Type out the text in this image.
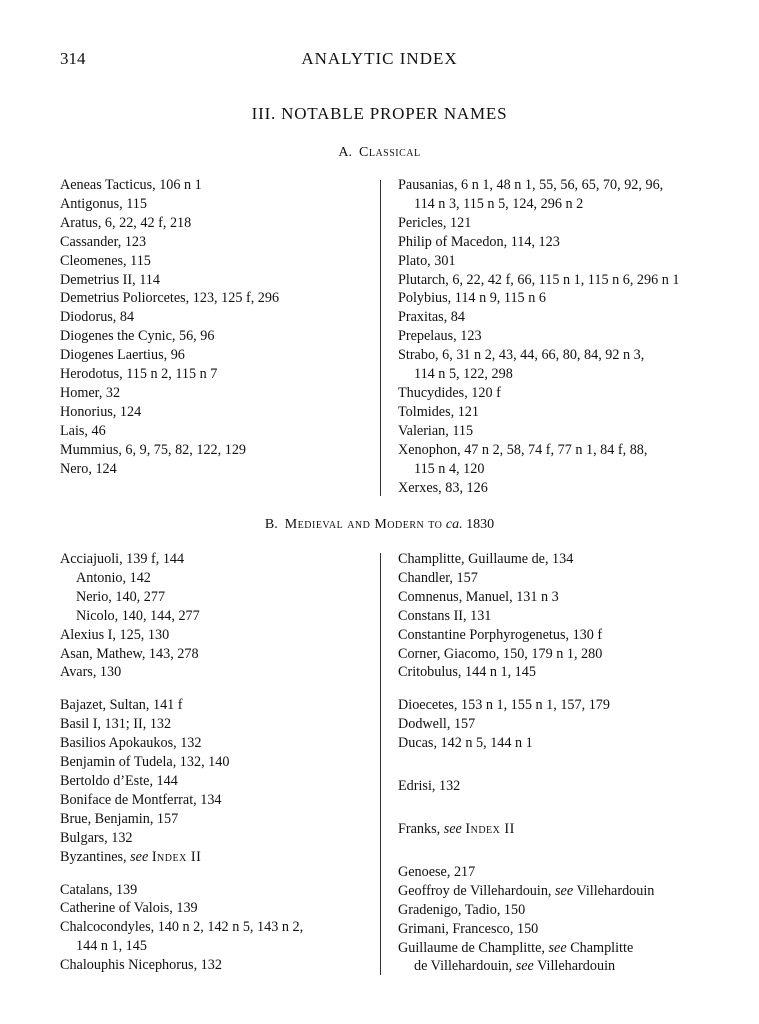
314	ANALYTIC INDEX
III. NOTABLE PROPER NAMES
A. Classical
Aeneas Tacticus, 106 n 1
Antigonus, 115
Aratus, 6, 22, 42 f, 218
Cassander, 123
Cleomenes, 115
Demetrius II, 114
Demetrius Poliorcetes, 123, 125 f, 296
Diodorus, 84
Diogenes the Cynic, 56, 96
Diogenes Laertius, 96
Herodotus, 115 n 2, 115 n 7
Homer, 32
Honorius, 124
Lais, 46
Mummius, 6, 9, 75, 82, 122, 129
Nero, 124
Pausanias, 6 n 1, 48 n 1, 55, 56, 65, 70, 92, 96,
114 n 3, 115 n 5, 124, 296 n 2
Pericles, 121
Philip of Macedon, 114, 123
Plato, 301
Plutarch, 6, 22, 42 f, 66, 115 n 1, 115 n 6, 296 n 1
Polybius, 114 n 9, 115 n 6
Praxitas, 84
Prepelaus, 123
Strabo, 6, 31 n 2, 43, 44, 66, 80, 84, 92 n 3,
114 n 5, 122, 298
Thucydides, 120 f
Tolmides, 121
Valerian, 115
Xenophon, 47 n 2, 58, 74 f, 77 n 1, 84 f, 88,
115 n 4, 120
Xerxes, 83, 126
B. Medieval and Modern to ca. 1830
Acciajuoli, 139 f, 144
Antonio, 142
Nerio, 140, 277
Nicolo, 140, 144, 277
Alexius I, 125, 130
Asan, Mathew, 143, 278
Avars, 130
Bajazet, Sultan, 141 f
Basil I, 131; II, 132
Basilios Apokaukos, 132
Benjamin of Tudela, 132, 140
Bertoldo d’Este, 144
Boniface de Montferrat, 134
Brue, Benjamin, 157
Bulgars, 132
Byzantines, see Index II
Catalans, 139
Catherine of Valois, 139
Chalcocondyles, 140 n 2, 142 n 5, 143 n 2,
144 n 1, 145
Chalouphis Nicephorus, 132
Champlitte, Guillaume de, 134
Chandler, 157
Comnenus, Manuel, 131 n 3
Constans II, 131
Constantine Porphyrogenetus, 130 f
Corner, Giacomo, 150, 179 n 1, 280
Critobulus, 144 n 1, 145
Dioecetes, 153 n 1, 155 n 1, 157, 179
Dodwell, 157
Ducas, 142 n 5, 144 n 1
Edrisi, 132
Franks, see Index II
Genoese, 217
Geoffroy de Villehardouin, see Villehardouin
Gradenigo, Tadio, 150
Grimani, Francesco, 150
Guillaume de Champlitte, see Champlitte
de Villehardouin, see Villehardouin
